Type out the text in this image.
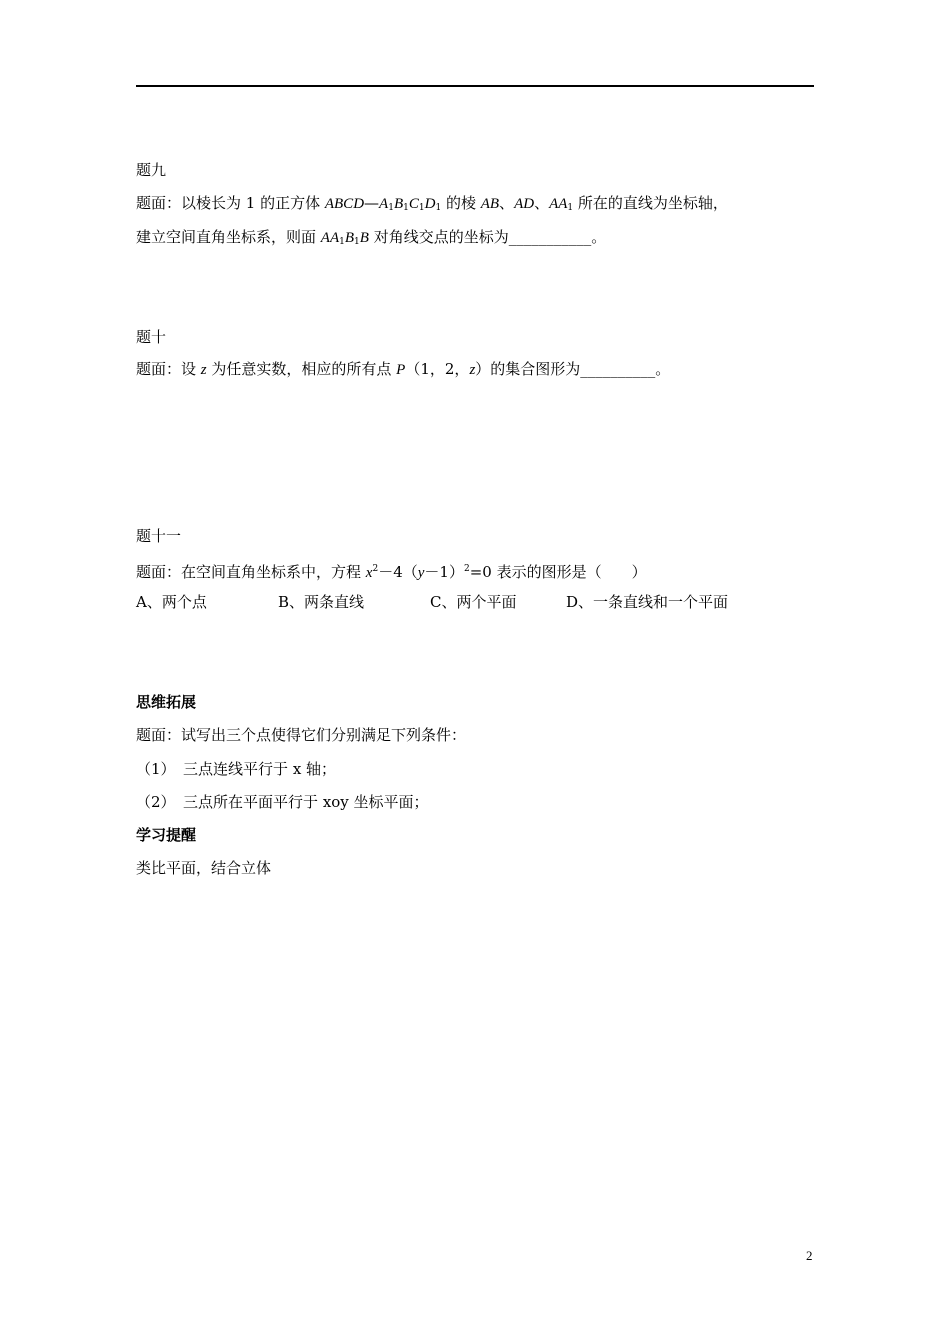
题九
题面：以棱长为 1 的正方体 $ABCD—A_1B_1C_1D_1$ 的棱 AB、AD、$AA_1$ 所在的直线为坐标轴，
建立空间直角坐标系，则面 $AA_1B_1B$ 对角线交点的坐标为___________。
题十
题面：设 z 为任意实数，相应的所有点 P（1，2，z）的集合图形为__________。
题十一
题面：在空间直角坐标系中，方程 $x^2-4(y-1)^2=0$ 表示的图形是（　　）
A、两个点	B、两条直线	C、两个平面	D、一条直线和一个平面
思维拓展
题面：试写出三个点使得它们分别满足下列条件：
（1）　三点连线平行于 x 轴；
（2）　三点所在平面平行于 xoy 坐标平面；
学习提醒
类比平面，结合立体
2
